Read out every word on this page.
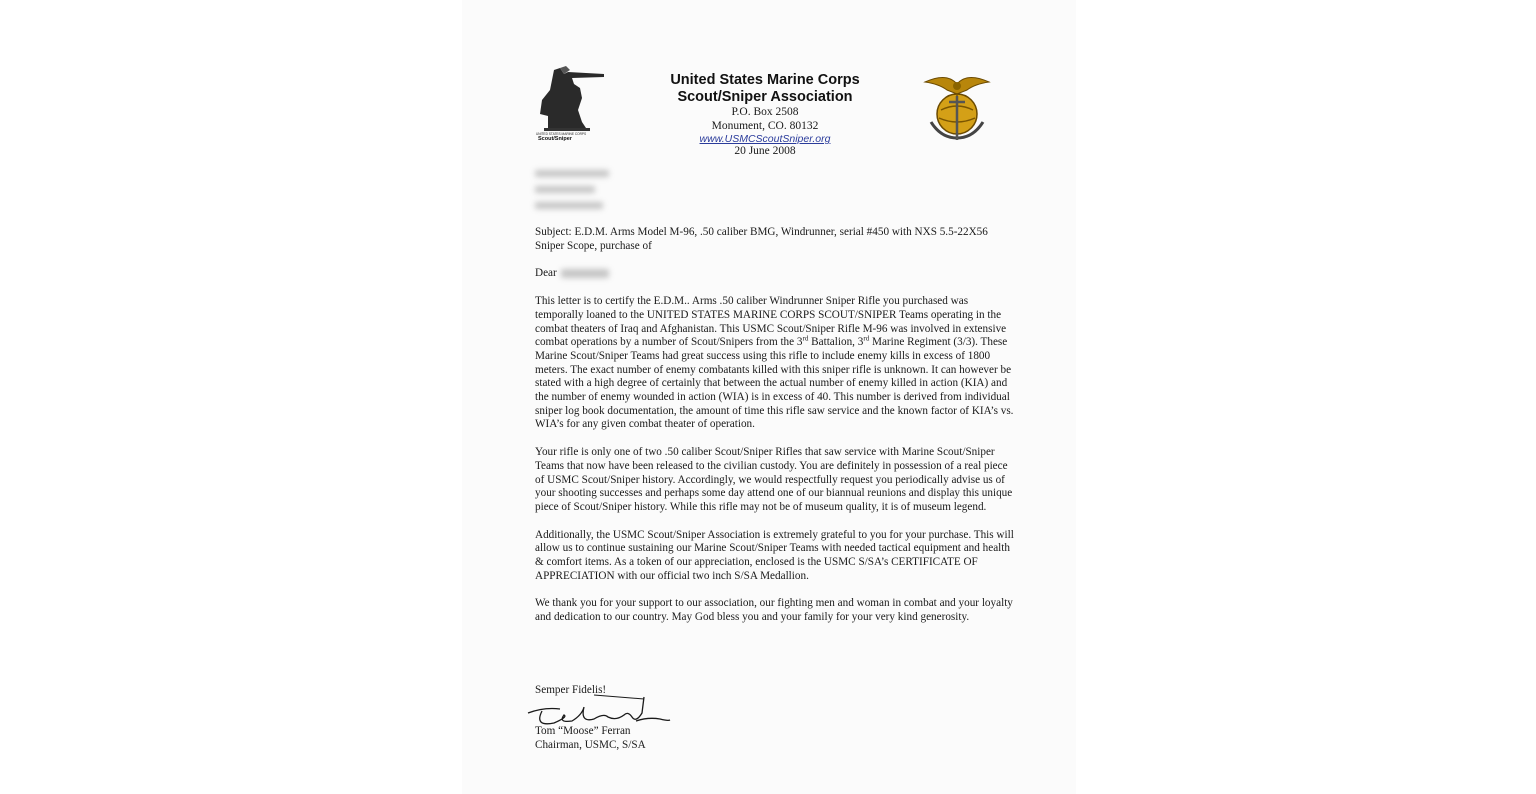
UNITED STATES MARINE CORPS
Scout/Sniper
United States Marine Corps
Scout/Sniper Association
P.O. Box 2508
Monument, CO. 80132
www.USMCScoutSniper.org
20 June 2008

Subject: E.D.M. Arms Model M-96, .50 caliber BMG, Windrunner, serial #450 with NXS 5.5-22X56 Sniper Scope, purchase of

Dear

This letter is to certify the E.D.M.. Arms .50 caliber Windrunner Sniper Rifle you purchased was temporally loaned to the UNITED STATES MARINE CORPS SCOUT/SNIPER Teams operating in the combat theaters of Iraq and Afghanistan. This USMC Scout/Sniper Rifle M-96 was involved in extensive combat operations by a number of Scout/Snipers from the 3rd Battalion, 3rd Marine Regiment (3/3). These Marine Scout/Sniper Teams had great success using this rifle to include enemy kills in excess of 1800 meters. The exact number of enemy combatants killed with this sniper rifle is unknown. It can however be stated with a high degree of certainly that between the actual number of enemy killed in action (KIA) and the number of enemy wounded in action (WIA) is in excess of 40. This number is derived from individual sniper log book documentation, the amount of time this rifle saw service and the known factor of KIA’s vs. WIA’s for any given combat theater of operation.

Your rifle is only one of two .50 caliber Scout/Sniper Rifles that saw service with Marine Scout/Sniper Teams that now have been released to the civilian custody. You are definitely in possession of a real piece of USMC Scout/Sniper history. Accordingly, we would respectfully request you periodically advise us of your shooting successes and perhaps some day attend one of our biannual reunions and display this unique piece of Scout/Sniper history. While this rifle may not be of museum quality, it is of museum legend.

Additionally, the USMC Scout/Sniper Association is extremely grateful to you for your purchase. This will allow us to continue sustaining our Marine Scout/Sniper Teams with needed tactical equipment and health & comfort items. As a token of our appreciation, enclosed is the USMC S/SA’s CERTIFICATE OF APPRECIATION with our official two inch S/SA Medallion.

We thank you for your support to our association, our fighting men and woman in combat and your loyalty and dedication to our country. May God bless you and your family for your very kind generosity.

Semper Fidelis!
Tom “Moose” Ferran
Chairman, USMC, S/SA
